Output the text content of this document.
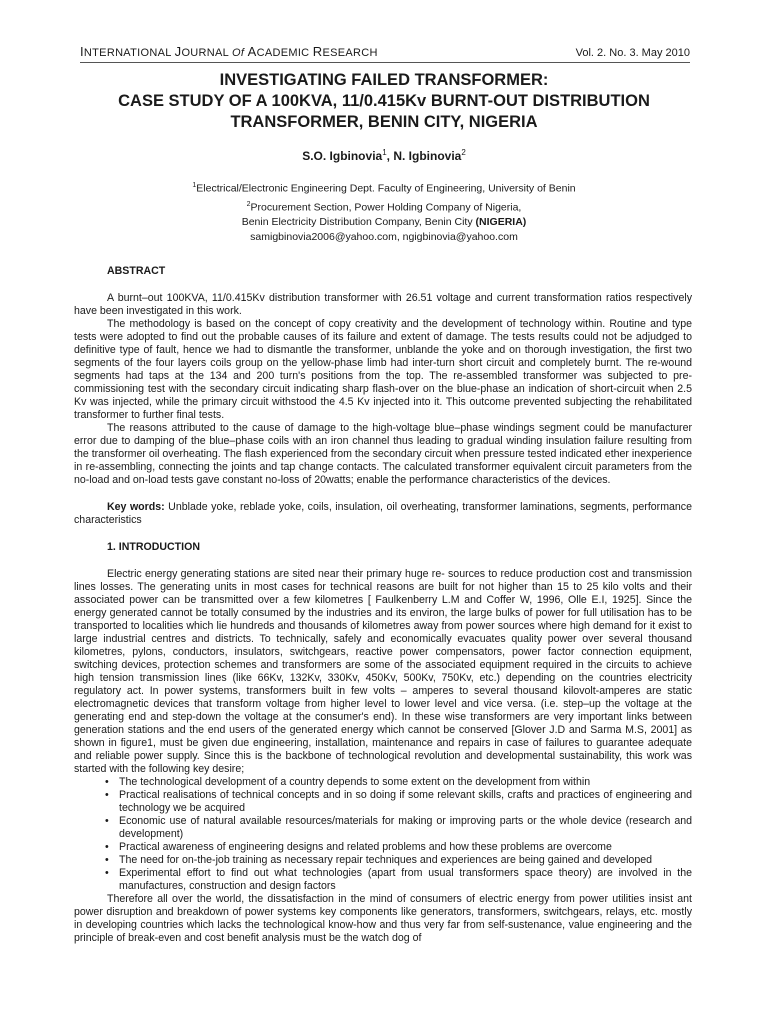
INTERNATIONAL JOURNAL Of ACADEMIC RESEARCH	Vol. 2. No. 3. May 2010
INVESTIGATING FAILED TRANSFORMER:
CASE STUDY OF A 100KVA, 11/0.415Kv BURNT-OUT DISTRIBUTION
TRANSFORMER, BENIN CITY, NIGERIA
S.O. Igbinovia$^1$, N. Igbinovia$^2$
$^1$Electrical/Electronic Engineering Dept. Faculty of Engineering, University of Benin
$^2$Procurement Section, Power Holding Company of Nigeria,
Benin Electricity Distribution Company, Benin City (NIGERIA)
samigbinovia2006@yahoo.com, ngigbinovia@yahoo.com
ABSTRACT

A burnt–out 100KVA, 11/0.415Kv distribution transformer with 26.51 voltage and current transformation ratios respectively have been investigated in this work.

The methodology is based on the concept of copy creativity and the development of technology within. Routine and type tests were adopted to find out the probable causes of its failure and extent of damage. The tests results could not be adjudged to definitive type of fault, hence we had to dismantle the transformer, unblande the yoke and on thorough investigation, the first two segments of the four layers coils group on the yellow-phase limb had inter-turn short circuit and completely burnt. The re-wound segments had taps at the 134 and 200 turn's positions from the top. The re-assembled transformer was subjected to pre-commissioning test with the secondary circuit indicating sharp flash-over on the blue-phase an indication of short-circuit when 2.5 Kv was injected, while the primary circuit withstood the 4.5 Kv injected into it. This outcome prevented subjecting the rehabilitated transformer to further final tests.

The reasons attributed to the cause of damage to the high-voltage blue–phase windings segment could be manufacturer error due to damping of the blue–phase coils with an iron channel thus leading to gradual winding insulation failure resulting from the transformer oil overheating. The flash experienced from the secondary circuit when pressure tested indicated ether inexperience in re-assembling, connecting the joints and tap change contacts. The calculated transformer equivalent circuit parameters from the no-load and on-load tests gave constant no-loss of 20watts; enable the performance characteristics of the devices.

Key words: Unblade yoke, reblade yoke, coils, insulation, oil overheating, transformer laminations, segments, performance characteristics

1. INTRODUCTION

Electric energy generating stations are sited near their primary huge re- sources to reduce production cost and transmission lines losses. The generating units in most cases for technical reasons are built for not higher than 15 to 25 kilo volts and their associated power can be transmitted over a few kilometres [ Faulkenberry L.M and Coffer W, 1996, Olle E.I, 1925]. Since the energy generated cannot be totally consumed by the industries and its environ, the large bulks of power for full utilisation has to be transported to localities which lie hundreds and thousands of kilometres away from power sources where high demand for it exist to large industrial centres and districts. To technically, safely and economically evacuates quality power over several thousand kilometres, pylons, conductors, insulators, switchgears, reactive power compensators, power factor connection equipment, switching devices, protection schemes and transformers are some of the associated equipment required in the circuits to achieve high tension transmission lines (like 66Kv, 132Kv, 330Kv, 450Kv, 500Kv, 750Kv, etc.) depending on the countries electricity regulatory act. In power systems, transformers built in few volts – amperes to several thousand kilovolt-amperes are static electromagnetic devices that transform voltage from higher level to lower level and vice versa. (i.e. step–up the voltage at the generating end and step-down the voltage at the consumer's end). In these wise transformers are very important links between generation stations and the end users of the generated energy which cannot be conserved [Glover J.D and Sarma M.S, 2001] as shown in figure1, must be given due engineering, installation, maintenance and repairs in case of failures to guarantee adequate and reliable power supply. Since this is the backbone of technological revolution and developmental sustainability, this work was started with the following key desire;

• The technological development of a country depends to some extent on the development from within
• Practical realisations of technical concepts and in so doing if some relevant skills, crafts and practices of engineering and technology we be acquired
• Economic use of natural available resources/materials for making or improving parts or the whole device (research and development)
• Practical awareness of engineering designs and related problems and how these problems are overcome
• The need for on-the-job training as necessary repair techniques and experiences are being gained and developed
• Experimental effort to find out what technologies (apart from usual transformers space theory) are involved in the manufactures, construction and design factors

Therefore all over the world, the dissatisfaction in the mind of consumers of electric energy from power utilities insist ant power disruption and breakdown of power systems key components like generators, transformers, switchgears, relays, etc. mostly in developing countries which lacks the technological know-how and thus very far from self-sustenance, value engineering and the principle of break-even and cost benefit analysis must be the watch dog of
